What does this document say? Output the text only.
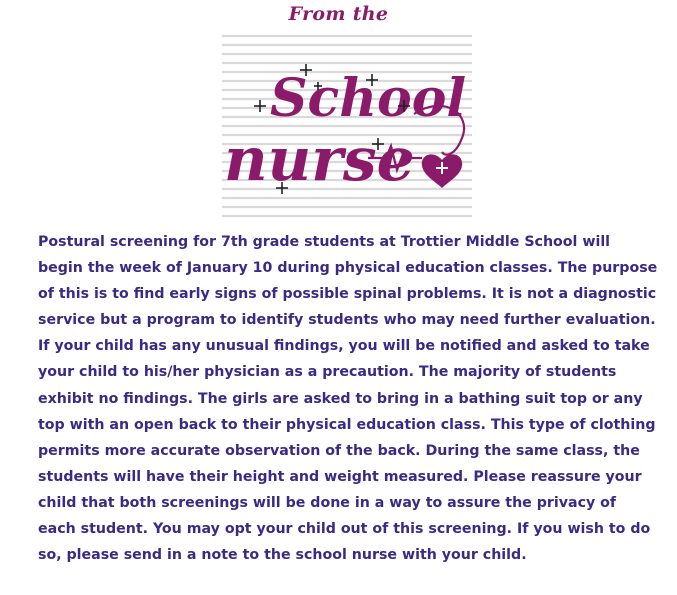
From the
School
nurse

Postural screening for 7th grade students at Trottier Middle School will begin the week of January 10 during physical education classes. The purpose of this is to find early signs of possible spinal problems. It is not a diagnostic service but a program to identify students who may need further evaluation. If your child has any unusual findings, you will be notified and asked to take your child to his/her physician as a precaution. The majority of students exhibit no findings. The girls are asked to bring in a bathing suit top or any top with an open back to their physical education class. This type of clothing permits more accurate observation of the back. During the same class, the students will have their height and weight measured. Please reassure your child that both screenings will be done in a way to assure the privacy of each student. You may opt your child out of this screening. If you wish to do so, please send in a note to the school nurse with your child.
